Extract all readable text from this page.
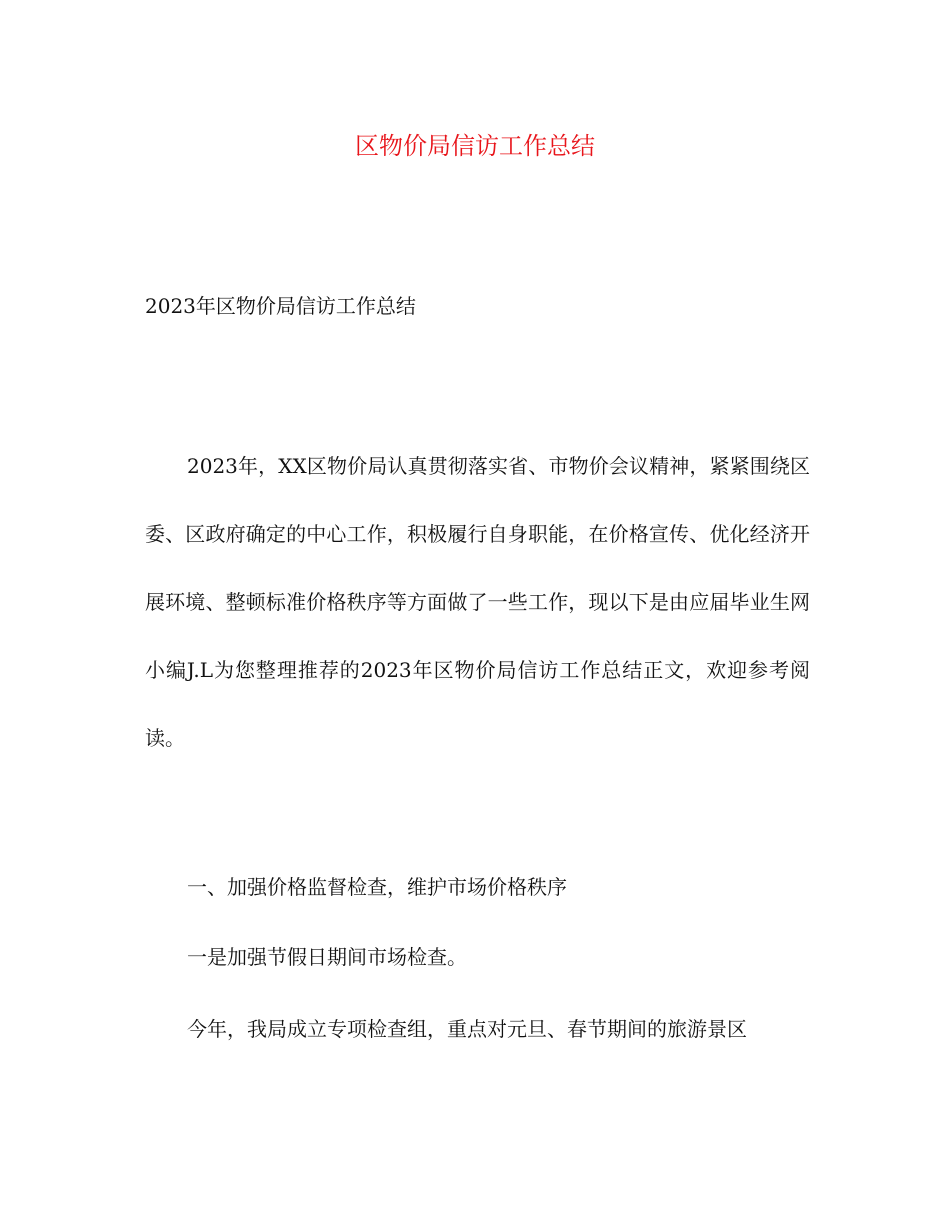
区物价局信访工作总结
2023年区物价局信访工作总结

2023年，XX区物价局认真贯彻落实省、市物价会议精神，紧紧围绕区委、区政府确定的中心工作，积极履行自身职能，在价格宣传、优化经济开展环境、整顿标准价格秩序等方面做了一些工作，现以下是由应届毕业生网小编J.L为您整理推荐的2023年区物价局信访工作总结正文，欢迎参考阅读。

一、加强价格监督检查，维护市场价格秩序
一是加强节假日期间市场检查。
今年，我局成立专项检查组，重点对元旦、春节期间的旅游景区
